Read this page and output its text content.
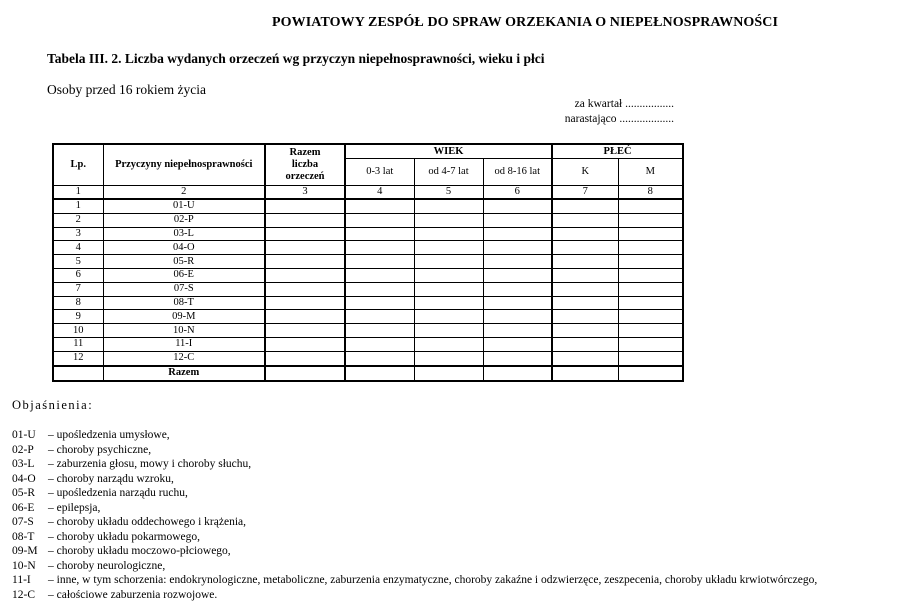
POWIATOWY ZESPÓŁ DO SPRAW ORZEKANIA O NIEPEŁNOSPRAWNOŚCI
Tabela III. 2. Liczba wydanych orzeczeń wg przyczyn niepełnosprawności, wieku i płci
Osoby przed 16 rokiem życia
za kwartał .................
narastająco ...................
Lp.	Przyczyny niepełnosprawności	Razem
liczba
orzeczeń	WIEK			PŁEĆ	
			0-3 lat	od 4-7 lat	od 8-16 lat	K	M
1	2	3	4	5	6	7	8
1	01-U						
2	02-P						
3	03-L						
4	04-O						
5	05-R						
6	06-E						
7	07-S						
8	08-T						
9	09-M						
10	10-N						
11	11-I						
12	12-C						
	Razem						
Objaśnienia:
01-U	– upośledzenia umysłowe,
02-P	– choroby psychiczne,
03-L	– zaburzenia głosu, mowy i choroby słuchu,
04-O	– choroby narządu wzroku,
05-R	– upośledzenia narządu ruchu,
06-E	– epilepsja,
07-S	– choroby układu oddechowego i krążenia,
08-T	– choroby układu pokarmowego,
09-M – choroby układu moczowo-płciowego,
10-N	– choroby neurologiczne,
11-I	– inne, w tym schorzenia: endokrynologiczne, metaboliczne, zaburzenia enzymatyczne, choroby zakaźne i odzwierzęce, zeszpecenia, choroby układu krwiotwórczego,
12-C	– całościowe zaburzenia rozwojowe.
